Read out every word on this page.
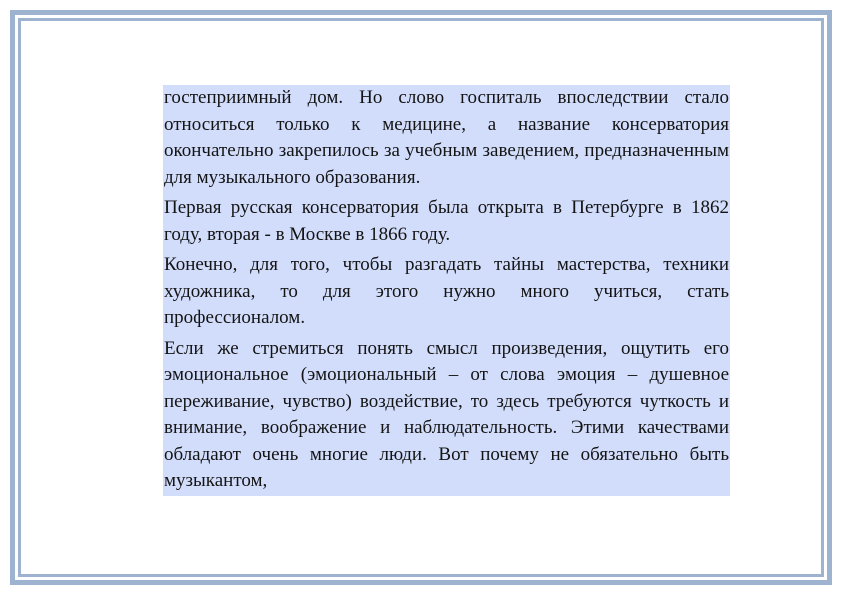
гостеприимный дом. Но слово госпиталь впоследствии стало относиться только к медицине, а название консерватория окончательно закрепилось за учебным заведением, предназначенным для музыкального образования.

Первая русская консерватория была открыта в Петербурге в 1862 году, вторая - в Москве в 1866 году.

Конечно, для того, чтобы разгадать тайны мастерства, техники художника, то для этого нужно много учиться, стать профессионалом.

Если же стремиться понять смысл произведения, ощутить его эмоциональное (эмоциональный – от слова эмоция – душевное переживание, чувство) воздействие, то здесь требуются чуткость и внимание, воображение и наблюдательность. Этими качествами обладают очень многие люди. Вот почему не обязательно быть музыкантом,
